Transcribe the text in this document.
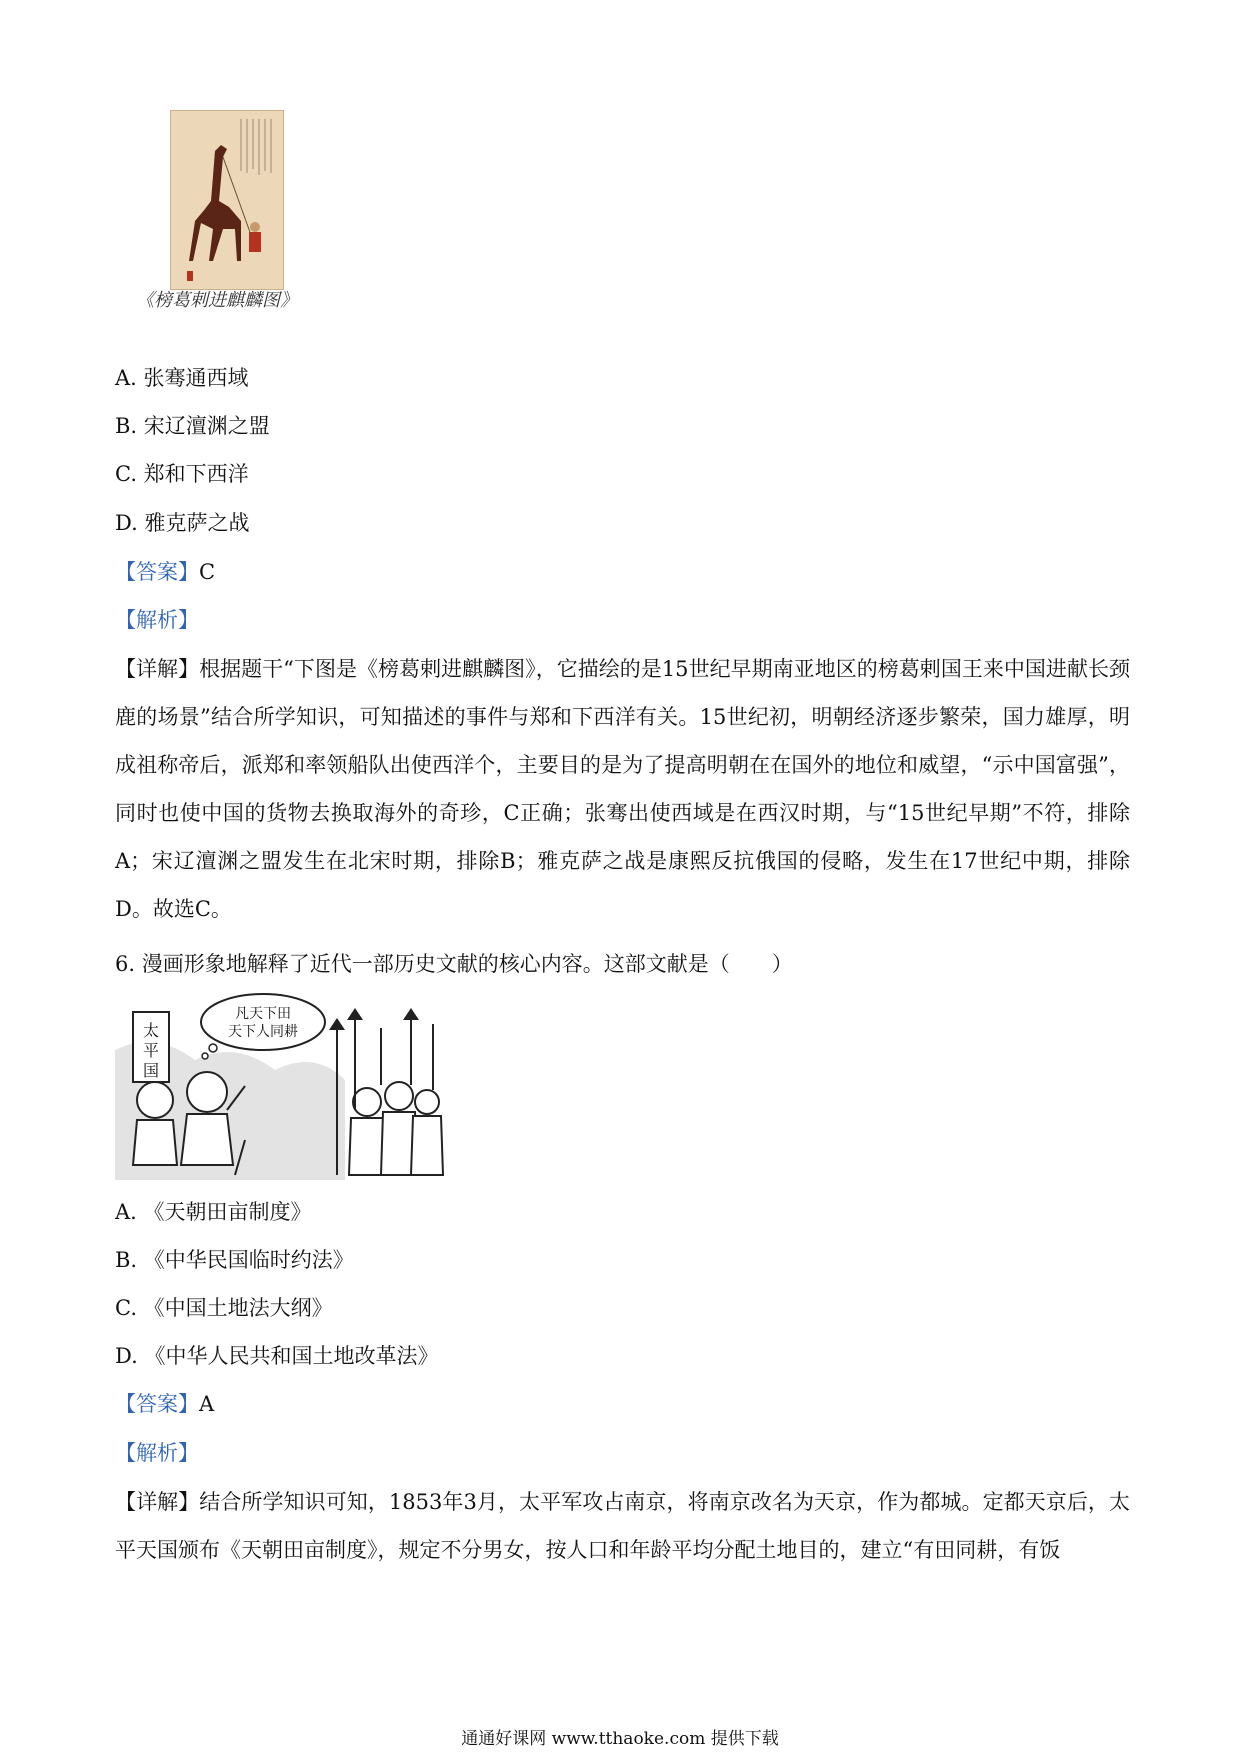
《榜葛剌进麒麟图》
A. 张骞通西域
B. 宋辽澶渊之盟
C. 郑和下西洋
D. 雅克萨之战
【答案】C
【解析】
【详解】根据题干“下图是《榜葛剌进麒麟图》，它描绘的是15世纪早期南亚地区的榜葛剌国王来中国进献长颈鹿的场景”结合所学知识，可知描述的事件与郑和下西洋有关。15世纪初，明朝经济逐步繁荣，国力雄厚，明成祖称帝后，派郑和率领船队出使西洋个，主要目的是为了提高明朝在在国外的地位和威望，“示中国富强”，同时也使中国的货物去换取海外的奇珍，C正确；张骞出使西域是在西汉时期，与“15世纪早期”不符，排除A；宋辽澶渊之盟发生在北宋时期，排除B；雅克萨之战是康熙反抗俄国的侵略，发生在17世纪中期，排除D。故选C。
6. 漫画形象地解释了近代一部历史文献的核心内容。这部文献是（　　）
太
平
国
凡天下田
天下人同耕
A. 《天朝田亩制度》
B. 《中华民国临时约法》
C. 《中国土地法大纲》
D. 《中华人民共和国土地改革法》
【答案】A
【解析】
【详解】结合所学知识可知，1853年3月，太平军攻占南京，将南京改名为天京，作为都城。定都天京后，太平天国颁布《天朝田亩制度》，规定不分男女，按人口和年龄平均分配土地目的，建立“有田同耕，有饭
通通好课网 www.tthaoke.com 提供下载
